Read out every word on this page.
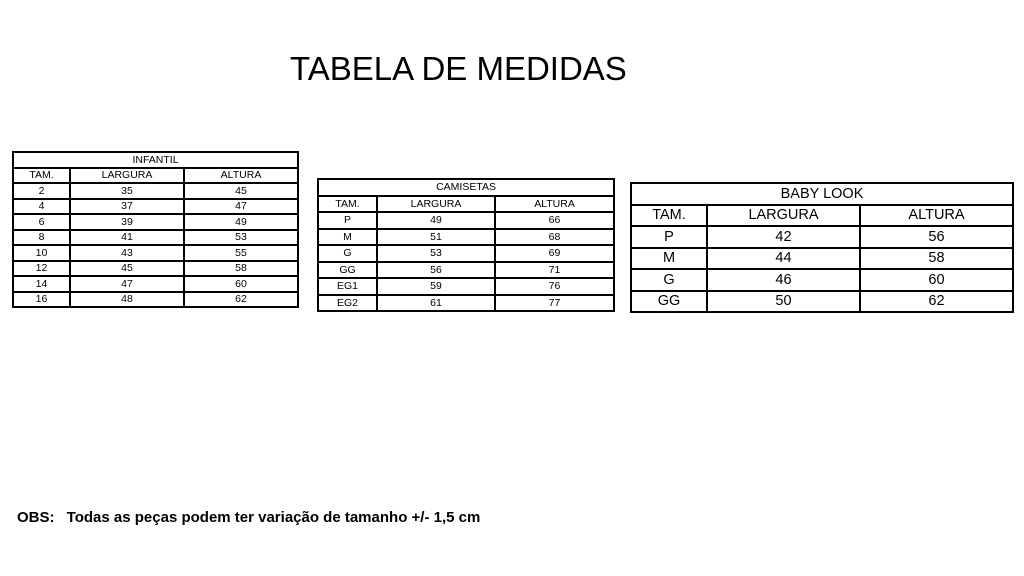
TABELA DE MEDIDAS
INFANTIL		
TAM.	LARGURA	ALTURA
2	35	45
4	37	47
6	39	49
8	41	53
10	43	55
12	45	58
14	47	60
16	48	62
CAMISETAS		
TAM.	LARGURA	ALTURA
P	49	66
M	51	68
G	53	69
GG	56	71
EG1	59	76
EG2	61	77
BABY LOOK		
TAM.	LARGURA	ALTURA
P	42	56
M	44	58
G	46	60
GG	50	62
OBS: Todas as peças podem ter variação de tamanho +/- 1,5 cm
